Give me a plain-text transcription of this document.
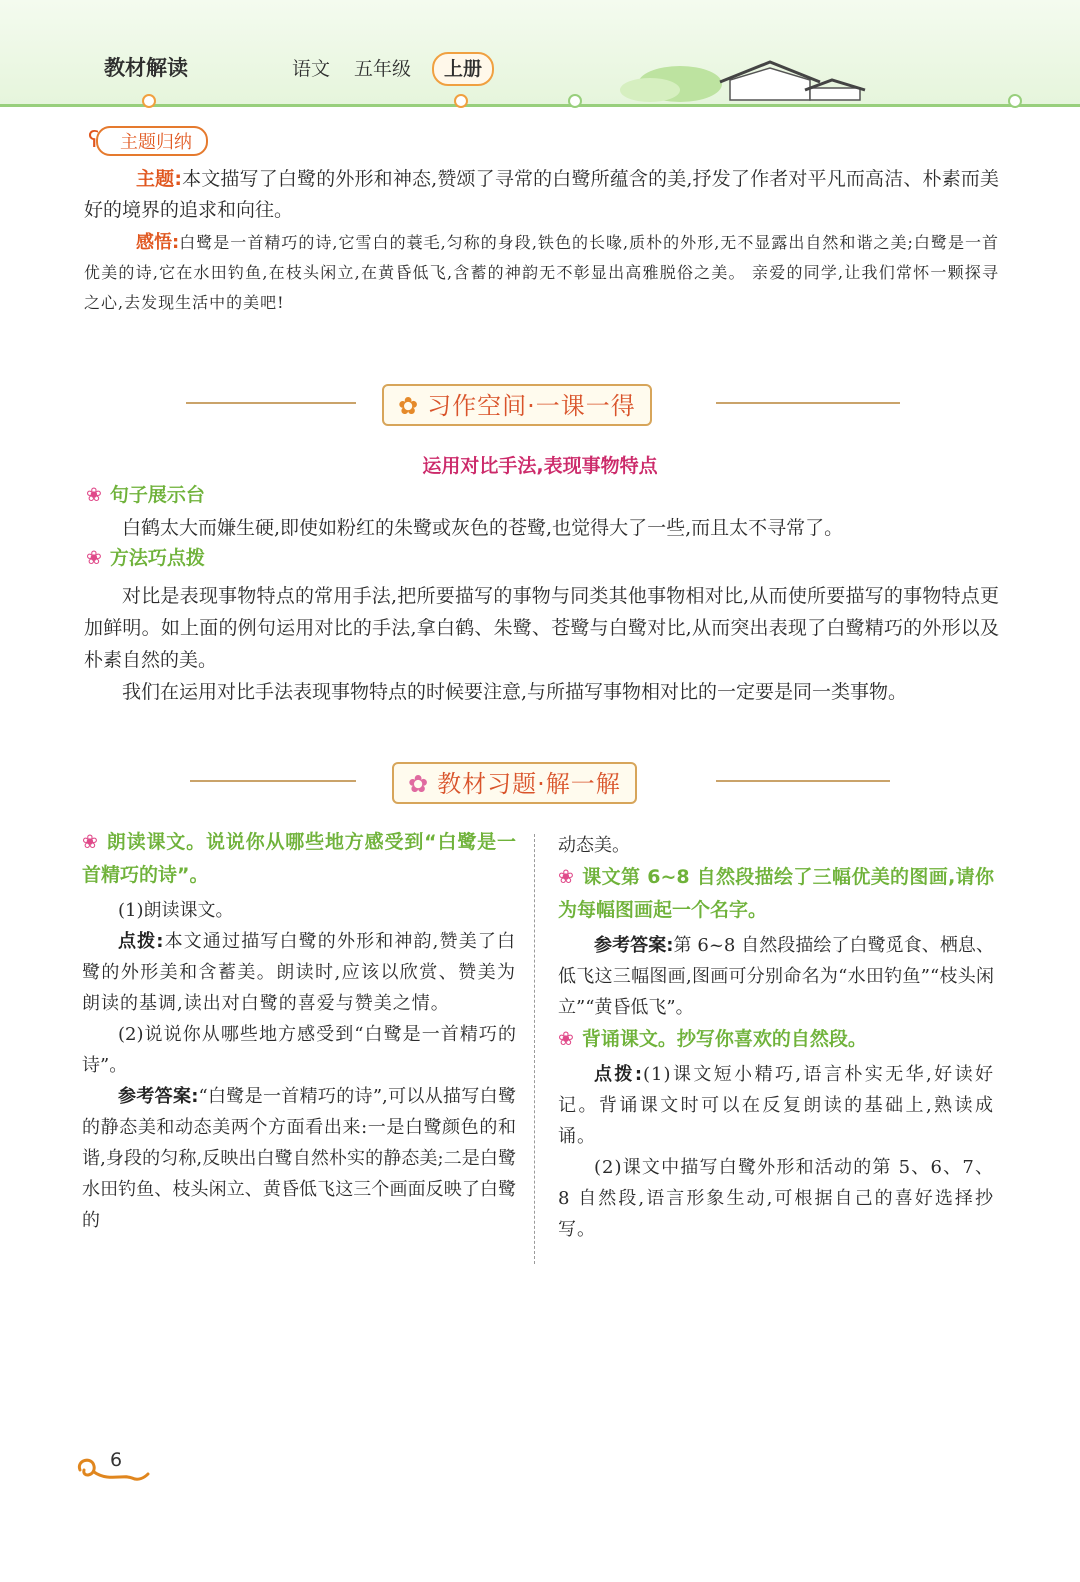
教材解读	语文 五年级	上册
主题归纳
ʕ
主题:本文描写了白鹭的外形和神态,赞颂了寻常的白鹭所蕴含的美,抒发了作者对平凡而高洁、朴素而美好的境界的追求和向往。
感悟:白鹭是一首精巧的诗,它雪白的蓑毛,匀称的身段,铁色的长喙,质朴的外形,无不显露出自然和谐之美;白鹭是一首优美的诗,它在水田钓鱼,在枝头闲立,在黄昏低飞,含蓄的神韵无不彰显出高雅脱俗之美。 亲爱的同学,让我们常怀一颗探寻之心,去发现生活中的美吧!
✿ 习作空间·一课一得
运用对比手法,表现事物特点
❀ 句子展示台
白鹤太大而嫌生硬,即使如粉红的朱鹭或灰色的苍鹭,也觉得大了一些,而且太不寻常了。
❀ 方法巧点拨
对比是表现事物特点的常用手法,把所要描写的事物与同类其他事物相对比,从而使所要描写的事物特点更加鲜明。如上面的例句运用对比的手法,拿白鹤、朱鹭、苍鹭与白鹭对比,从而突出表现了白鹭精巧的外形以及朴素自然的美。
我们在运用对比手法表现事物特点的时候要注意,与所描写事物相对比的一定要是同一类事物。
✿ 教材习题·解一解

❀ 朗读课文。说说你从哪些地方感受到“白鹭是一首精巧的诗”。

(1)朗读课文。

点拨:本文通过描写白鹭的外形和神韵,赞美了白鹭的外形美和含蓄美。朗读时,应该以欣赏、赞美为朗读的基调,读出对白鹭的喜爱与赞美之情。

(2)说说你从哪些地方感受到“白鹭是一首精巧的诗”。

参考答案:“白鹭是一首精巧的诗”,可以从描写白鹭的静态美和动态美两个方面看出来:一是白鹭颜色的和谐,身段的匀称,反映出白鹭自然朴实的静态美;二是白鹭水田钓鱼、枝头闲立、黄昏低飞这三个画面反映了白鹭的

动态美。

❀ 课文第 6~8 自然段描绘了三幅优美的图画,请你为每幅图画起一个名字。

参考答案:第 6~8 自然段描绘了白鹭觅食、栖息、低飞这三幅图画,图画可分别命名为“水田钓鱼”“枝头闲立”“黄昏低飞”。

❀ 背诵课文。抄写你喜欢的自然段。

点拨:(1)课文短小精巧,语言朴实无华,好读好记。背诵课文时可以在反复朗读的基础上,熟读成诵。

(2)课文中描写白鹭外形和活动的第 5、6、7、8 自然段,语言形象生动,可根据自己的喜好选择抄写。

6
